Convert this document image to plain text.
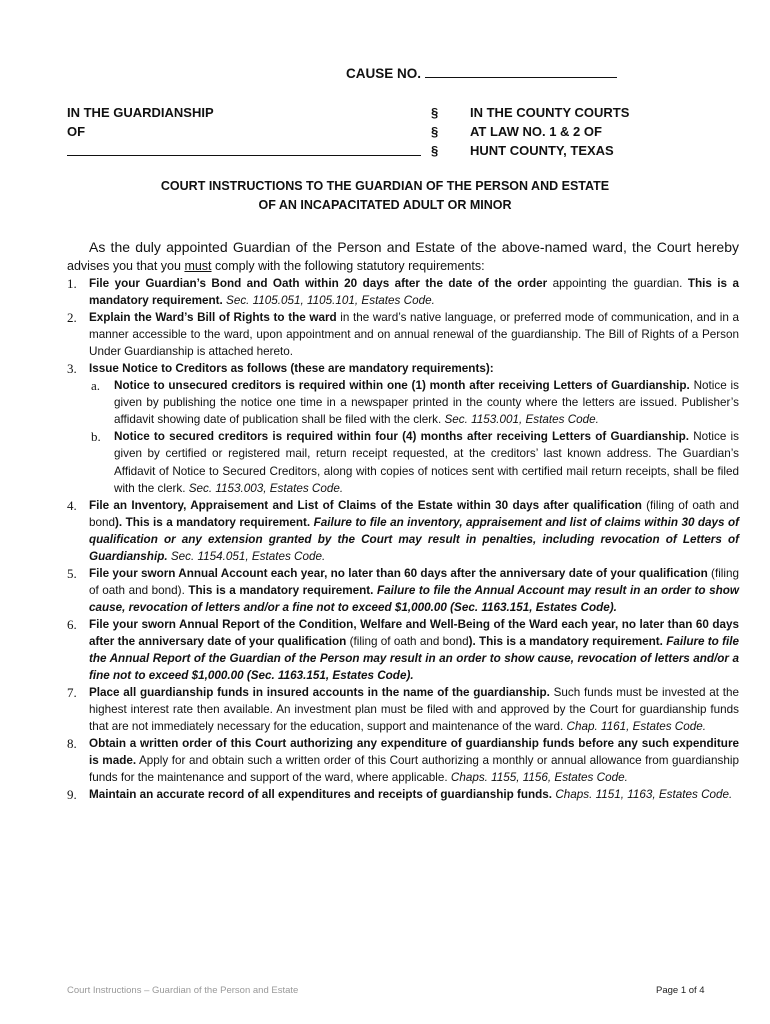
CAUSE NO.
IN THE GUARDIANSHIP
OF
§
§
§
IN THE COUNTY COURTS
AT LAW NO. 1 & 2 OF
HUNT COUNTY, TEXAS
COURT INSTRUCTIONS TO THE GUARDIAN OF THE PERSON AND ESTATE
OF AN INCAPACITATED ADULT OR MINOR
As the duly appointed Guardian of the Person and Estate of the above-named ward, the Court hereby
advises you that you must comply with the following statutory requirements:
1. File your Guardian’s Bond and Oath within 20 days after the date of the order appointing the guardian. This is a mandatory requirement. Sec. 1105.051, 1105.101, Estates Code.
2. Explain the Ward’s Bill of Rights to the ward in the ward’s native language, or preferred mode of communication, and in a manner accessible to the ward, upon appointment and on annual renewal of the guardianship. The Bill of Rights of a Person Under Guardianship is attached hereto.
3. Issue Notice to Creditors as follows (these are mandatory requirements):
a. Notice to unsecured creditors is required within one (1) month after receiving Letters of Guardianship. Notice is given by publishing the notice one time in a newspaper printed in the county where the letters are issued. Publisher’s affidavit showing date of publication shall be filed with the clerk. Sec. 1153.001, Estates Code.
b. Notice to secured creditors is required within four (4) months after receiving Letters of Guardianship. Notice is given by certified or registered mail, return receipt requested, at the creditors’ last known address. The Guardian’s Affidavit of Notice to Secured Creditors, along with copies of notices sent with certified mail return receipts, shall be filed with the clerk. Sec. 1153.003, Estates Code.
4. File an Inventory, Appraisement and List of Claims of the Estate within 30 days after qualification (filing of oath and bond). This is a mandatory requirement. Failure to file an inventory, appraisement and list of claims within 30 days of qualification or any extension granted by the Court may result in penalties, including revocation of Letters of Guardianship. Sec. 1154.051, Estates Code.
5. File your sworn Annual Account each year, no later than 60 days after the anniversary date of your qualification (filing of oath and bond). This is a mandatory requirement. Failure to file the Annual Account may result in an order to show cause, revocation of letters and/or a fine not to exceed $1,000.00 (Sec. 1163.151, Estates Code).
6. File your sworn Annual Report of the Condition, Welfare and Well-Being of the Ward each year, no later than 60 days after the anniversary date of your qualification (filing of oath and bond). This is a mandatory requirement. Failure to file the Annual Report of the Guardian of the Person may result in an order to show cause, revocation of letters and/or a fine not to exceed $1,000.00 (Sec. 1163.151, Estates Code).
7. Place all guardianship funds in insured accounts in the name of the guardianship. Such funds must be invested at the highest interest rate then available. An investment plan must be filed with and approved by the Court for guardianship funds that are not immediately necessary for the education, support and maintenance of the ward. Chap. 1161, Estates Code.
8. Obtain a written order of this Court authorizing any expenditure of guardianship funds before any such expenditure is made. Apply for and obtain such a written order of this Court authorizing a monthly or annual allowance from guardianship funds for the maintenance and support of the ward, where applicable. Chaps. 1155, 1156, Estates Code.
9. Maintain an accurate record of all expenditures and receipts of guardianship funds. Chaps. 1151, 1163, Estates Code.
Court Instructions – Guardian of the Person and Estate	Page 1 of 4
